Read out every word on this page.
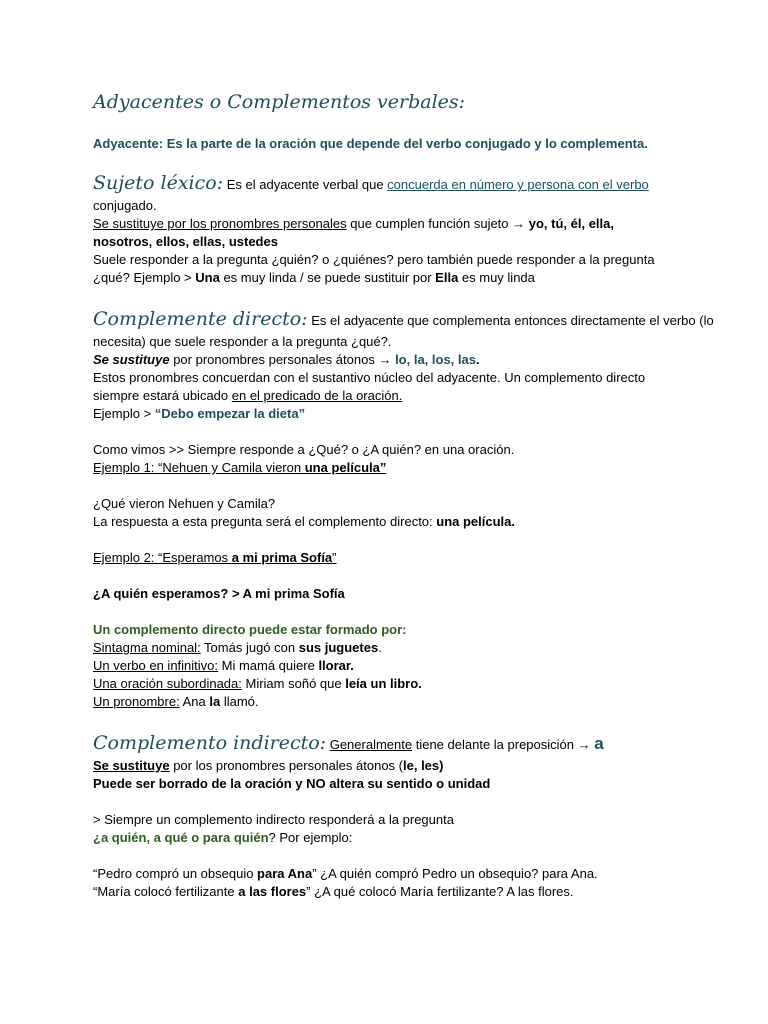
Adyacentes o Complementos verbales:
Adyacente: Es la parte de la oración que depende del verbo conjugado y lo complementa.

Sujeto léxico: Es el adyacente verbal que concuerda en número y persona con el verbo

conjugado.

Se sustituye por los pronombres personales que cumplen función sujeto → yo, tú, él, ella,

nosotros, ellos, ellas, ustedes

Suele responder a la pregunta ¿quién? o ¿quiénes? pero también puede responder a la pregunta

¿qué? Ejemplo > Una es muy linda / se puede sustituir por Ella es muy linda

Complemente directo: Es el adyacente que complementa entonces directamente el verbo (lo

necesita) que suele responder a la pregunta ¿qué?.

Se sustituye por pronombres personales átonos → lo, la, los, las.

Estos pronombres concuerdan con el sustantivo núcleo del adyacente. Un complemento directo

siempre estará ubicado en el predicado de la oración.

Ejemplo > “Debo empezar la dieta”

Como vimos >> Siempre responde a ¿Qué? o ¿A quién? en una oración.

Ejemplo 1: “Nehuen y Camila vieron una película”

¿Qué vieron Nehuen y Camila?

La respuesta a esta pregunta será el complemento directo: una película.

Ejemplo 2: “Esperamos a mi prima Sofía”

¿A quién esperamos? > A mi prima Sofía

Un complemento directo puede estar formado por:

Sintagma nominal: Tomás jugó con sus juguetes.

Un verbo en infinitivo: Mi mamá quiere llorar.

Una oración subordinada: Miriam soñó que leía un libro.

Un pronombre: Ana la llamó.

Complemento indirecto: Generalmente tiene delante la preposición → a

Se sustituye por los pronombres personales átonos (le, les)

Puede ser borrado de la oración y NO altera su sentido o unidad

> Siempre un complemento indirecto responderá a la pregunta

¿a quién, a qué o para quién? Por ejemplo:

“Pedro compró un obsequio para Ana” ¿A quién compró Pedro un obsequio? para Ana.

“María colocó fertilizante a las flores” ¿A qué colocó María fertilizante? A las flores.
